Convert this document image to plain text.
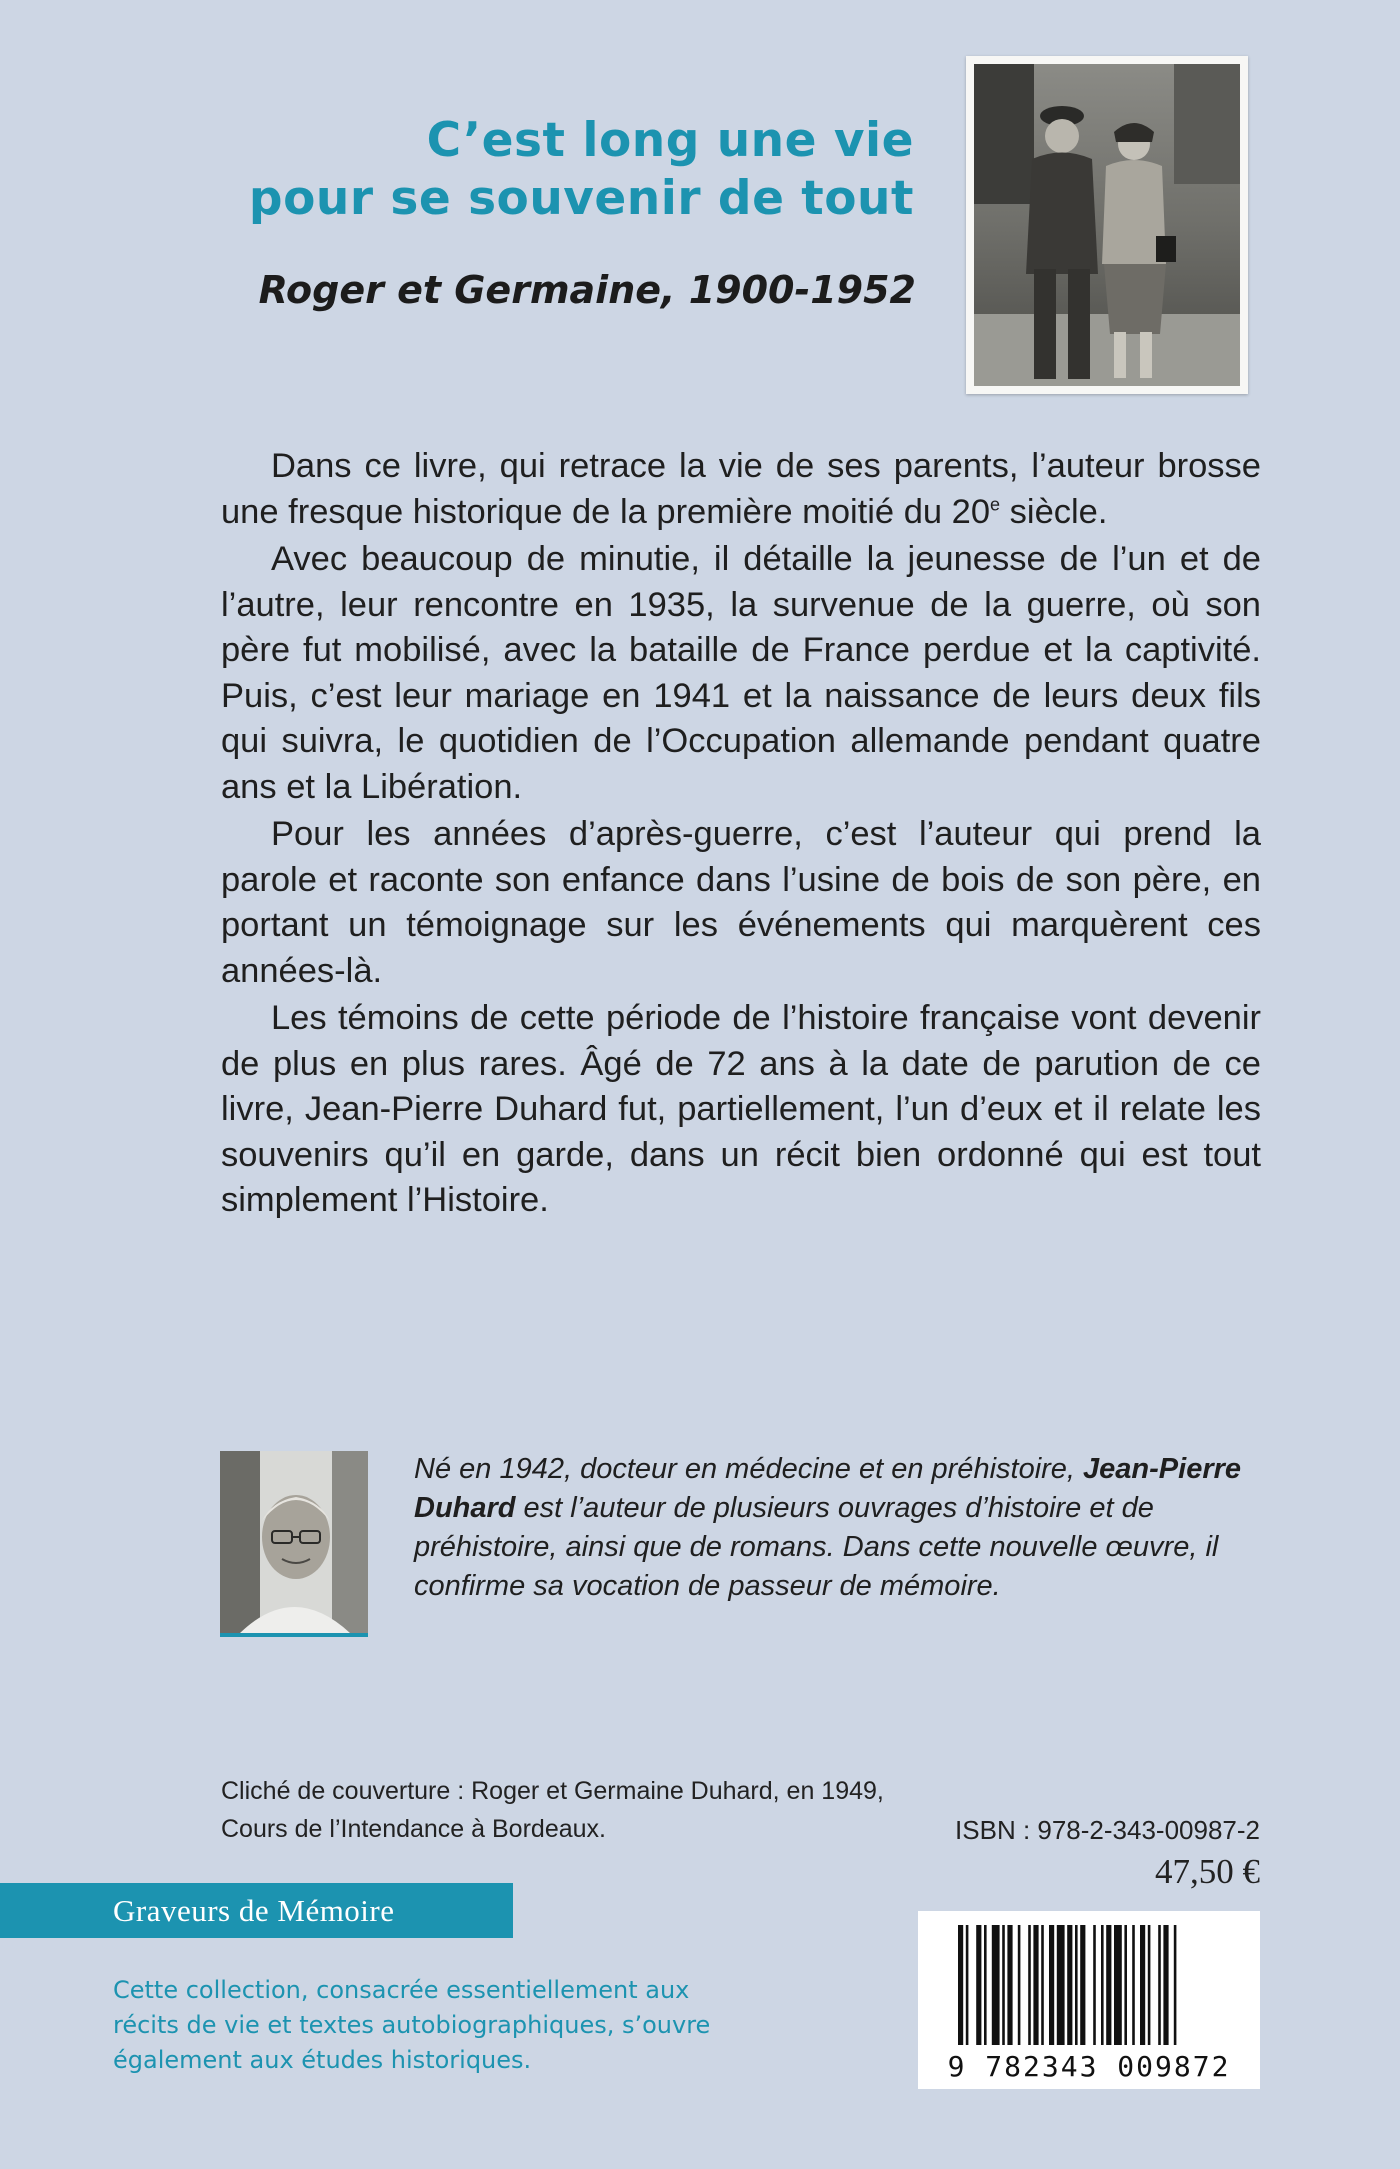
C’est long une vie
pour se souvenir de tout
Roger et Germaine, 1900-1952

Dans ce livre, qui retrace la vie de ses parents, l’auteur brosse une fresque historique de la première moitié du 20e siècle.

Avec beaucoup de minutie, il détaille la jeunesse de l’un et de l’autre, leur rencontre en 1935, la survenue de la guerre, où son père fut mobilisé, avec la bataille de France perdue et la captivité. Puis, c’est leur mariage en 1941 et la naissance de leurs deux fils qui suivra, le quotidien de l’Occupation allemande pendant quatre ans et la Libération.

Pour les années d’après-guerre, c’est l’auteur qui prend la parole et raconte son enfance dans l’usine de bois de son père, en portant un témoignage sur les événements qui marquèrent ces années-là.

Les témoins de cette période de l’histoire française vont devenir de plus en plus rares. Âgé de 72 ans à la date de parution de ce livre, Jean-Pierre Duhard fut, partiellement, l’un d’eux et il relate les souvenirs qu’il en garde, dans un récit bien ordonné qui est tout simplement l’Histoire.

Né en 1942, docteur en médecine et en préhistoire, Jean-Pierre Duhard est l’auteur de plusieurs ouvrages d’histoire et de préhistoire, ainsi que de romans. Dans cette nouvelle œuvre, il confirme sa vocation de passeur de mémoire.
Cliché de couverture : Roger et Germaine Duhard, en 1949,
Cours de l’Intendance à Bordeaux.	ISBN : 978-2-343-00987-2
47,50 €
Graveurs de Mémoire
Cette collection, consacrée essentiellement aux récits de vie et textes autobiographiques, s’ouvre également aux études historiques.	9 782343 009872
